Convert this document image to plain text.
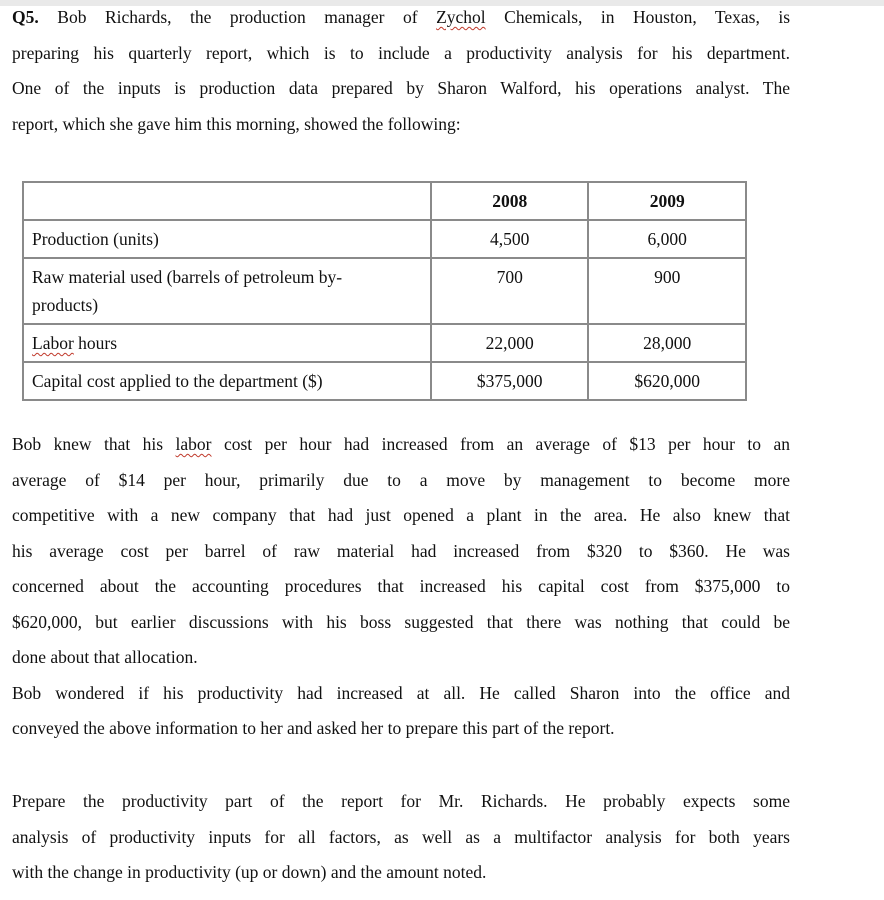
Q5. Bob Richards, the production manager of Zychol Chemicals, in Houston, Texas, is
preparing his quarterly report, which is to include a productivity analysis for his department.
One of the inputs is production data prepared by Sharon Walford, his operations analyst. The
report, which she gave him this morning, showed the following:
	2008	2009
Production (units)	4,500	6,000
Raw material used (barrels of petroleum by-
products)	700	900
Labor hours	22,000	28,000
Capital cost applied to the department ($)	$375,000	$620,000
Bob knew that his labor cost per hour had increased from an average of $13 per hour to an
average of $14 per hour, primarily due to a move by management to become more
competitive with a new company that had just opened a plant in the area. He also knew that
his average cost per barrel of raw material had increased from $320 to $360. He was
concerned about the accounting procedures that increased his capital cost from $375,000 to
$620,000, but earlier discussions with his boss suggested that there was nothing that could be
done about that allocation.
Bob wondered if his productivity had increased at all. He called Sharon into the office and
conveyed the above information to her and asked her to prepare this part of the report.
Prepare the productivity part of the report for Mr. Richards. He probably expects some
analysis of productivity inputs for all factors, as well as a multifactor analysis for both years
with the change in productivity (up or down) and the amount noted.
